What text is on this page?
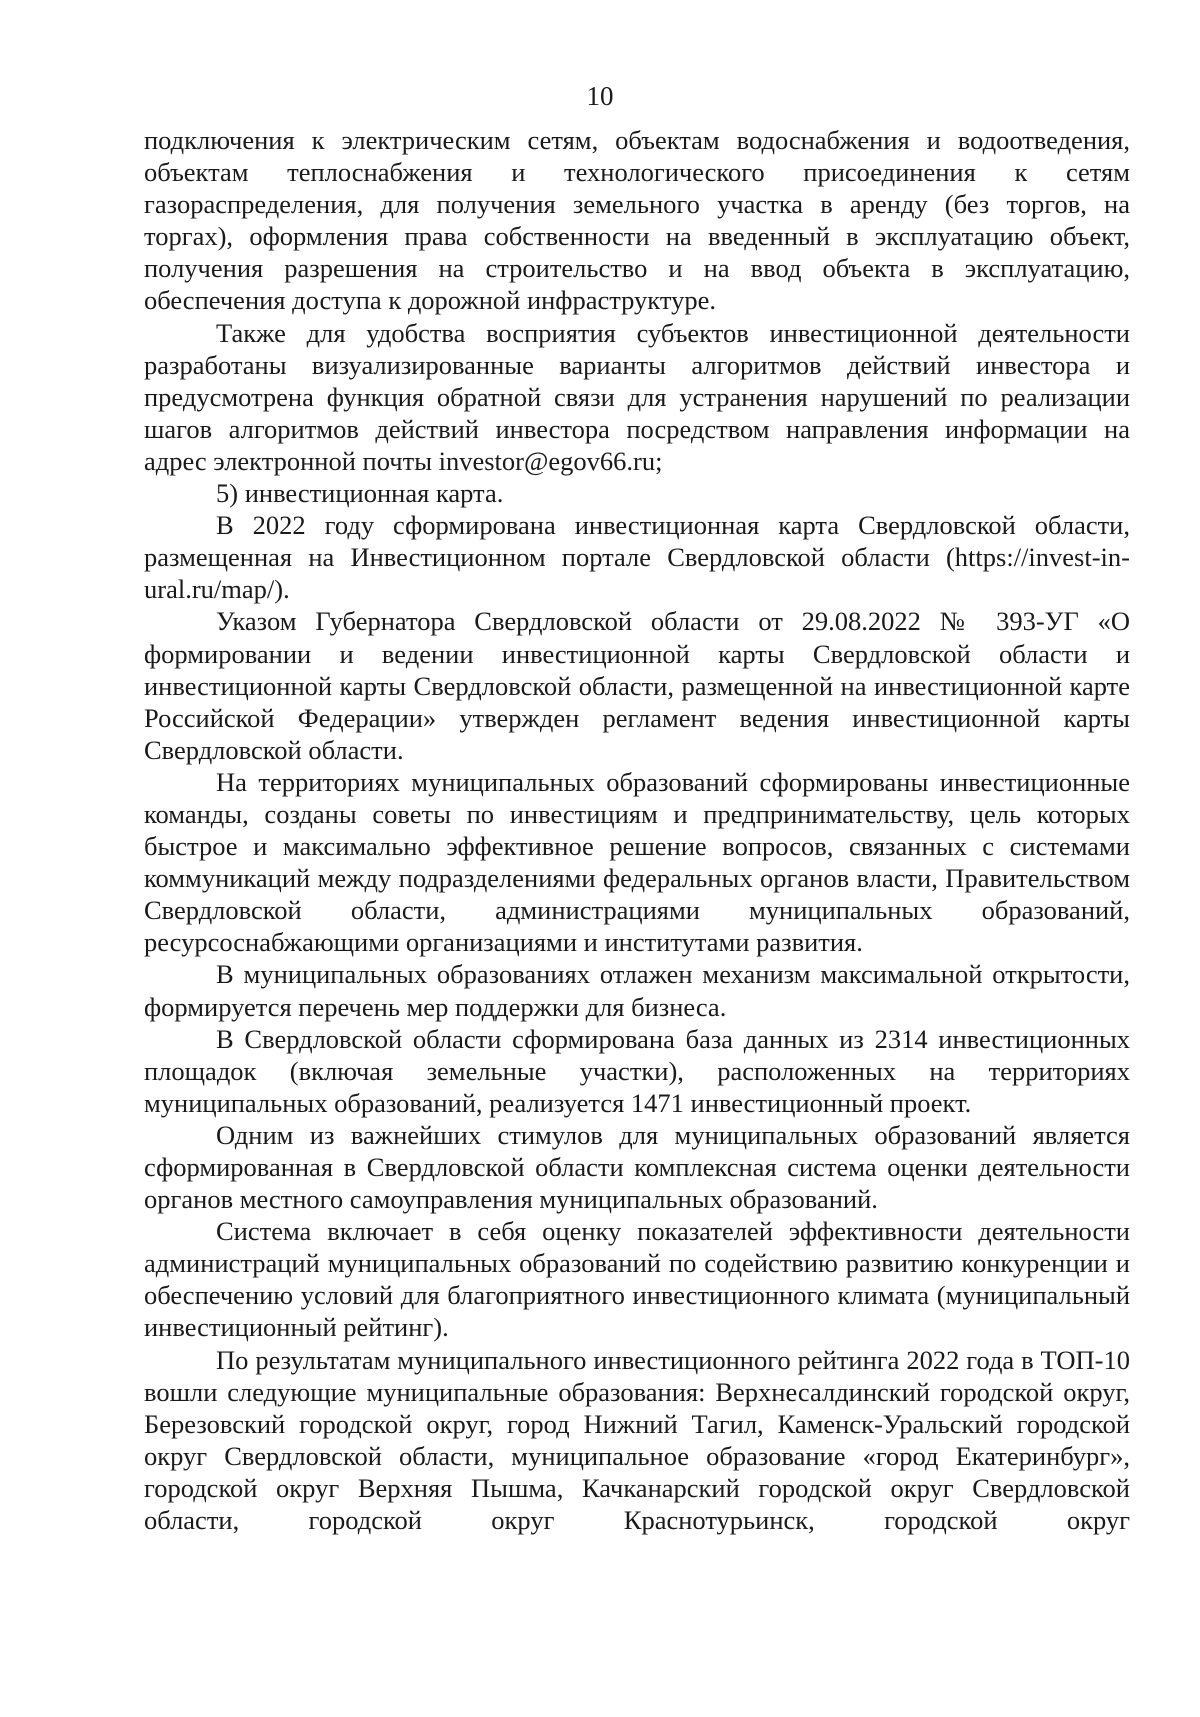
10

подключения к электрическим сетям, объектам водоснабжения и водоотведения, объектам теплоснабжения и технологического присоединения к сетям газораспределения, для получения земельного участка в аренду (без торгов, на торгах), оформления права собственности на введенный в эксплуатацию объект, получения разрешения на строительство и на ввод объекта в эксплуатацию, обеспечения доступа к дорожной инфраструктуре.

Также для удобства восприятия субъектов инвестиционной деятельности разработаны визуализированные варианты алгоритмов действий инвестора и предусмотрена функция обратной связи для устранения нарушений по реализации шагов алгоритмов действий инвестора посредством направления информации на адрес электронной почты investor@egov66.ru;

5) инвестиционная карта.

В 2022 году сформирована инвестиционная карта Свердловской области, размещенная на Инвестиционном портале Свердловской области (https://invest-in-ural.ru/map/).

Указом Губернатора Свердловской области от 29.08.2022 № 393-УГ «О формировании и ведении инвестиционной карты Свердловской области и инвестиционной карты Свердловской области, размещенной на инвестиционной карте Российской Федерации» утвержден регламент ведения инвестиционной карты Свердловской области.

На территориях муниципальных образований сформированы инвестиционные команды, созданы советы по инвестициям и предпринимательству, цель которых быстрое и максимально эффективное решение вопросов, связанных с системами коммуникаций между подразделениями федеральных органов власти, Правительством Свердловской области, администрациями муниципальных образований, ресурсоснабжающими организациями и институтами развития.

В муниципальных образованиях отлажен механизм максимальной открытости, формируется перечень мер поддержки для бизнеса.

В Свердловской области сформирована база данных из 2314 инвестиционных площадок (включая земельные участки), расположенных на территориях муниципальных образований, реализуется 1471 инвестиционный проект.

Одним из важнейших стимулов для муниципальных образований является сформированная в Свердловской области комплексная система оценки деятельности органов местного самоуправления муниципальных образований.

Система включает в себя оценку показателей эффективности деятельности администраций муниципальных образований по содействию развитию конкуренции и обеспечению условий для благоприятного инвестиционного климата (муниципальный инвестиционный рейтинг).

По результатам муниципального инвестиционного рейтинга 2022 года в ТОП-10 вошли следующие муниципальные образования: Верхнесалдинский городской округ, Березовский городской округ, город Нижний Тагил, Каменск-Уральский городской округ Свердловской области, муниципальное образование «город Екатеринбург», городской округ Верхняя Пышма, Качканарский городской округ Свердловской области, городской округ Краснотурьинск, городской округ
